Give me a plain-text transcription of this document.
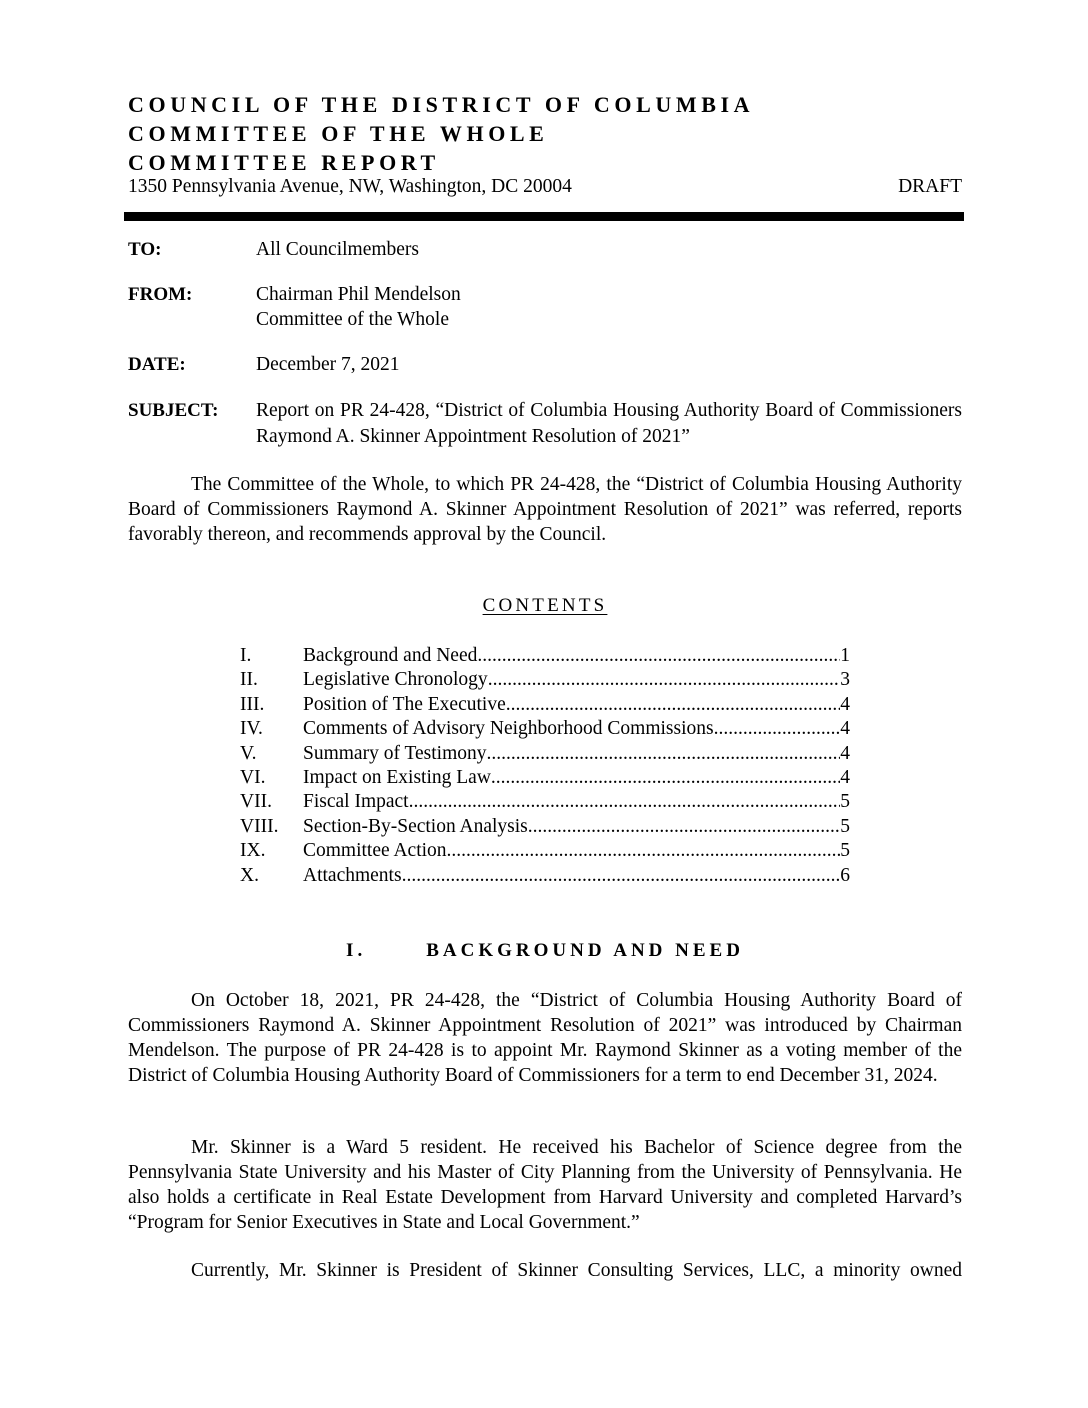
COUNCIL OF THE DISTRICT OF COLUMBIA
COMMITTEE OF THE WHOLE
COMMITTEE REPORT
1350 Pennsylvania Avenue, NW, Washington, DC 20004	DRAFT
TO:	All Councilmembers
FROM:	Chairman Phil Mendelson
Committee of the Whole
DATE:	December 7, 2021
SUBJECT: Report on PR 24-428, “District of Columbia Housing Authority Board of Commissioners Raymond A. Skinner Appointment Resolution of 2021”
The Committee of the Whole, to which PR 24-428, the “District of Columbia Housing Authority Board of Commissioners Raymond A. Skinner Appointment Resolution of 2021” was referred, reports favorably thereon, and recommends approval by the Council.
CONTENTS
I.	Background and Need .....	1
II.	Legislative Chronology .....	3
III.	Position of The Executive .....	4
IV.	Comments of Advisory Neighborhood Commissions .....	4
V.	Summary of Testimony .....	4
VI.	Impact on Existing Law .....	4
VII.	Fiscal Impact .....	5
VIII.	Section-By-Section Analysis .....	5
IX.	Committee Action .....	5
X.	Attachments .....	6
I.	BACKGROUND AND NEED
On October 18, 2021, PR 24-428, the “District of Columbia Housing Authority Board of Commissioners Raymond A. Skinner Appointment Resolution of 2021” was introduced by Chairman Mendelson. The purpose of PR 24-428 is to appoint Mr. Raymond Skinner as a voting member of the District of Columbia Housing Authority Board of Commissioners for a term to end December 31, 2024.
Mr. Skinner is a Ward 5 resident. He received his Bachelor of Science degree from the Pennsylvania State University and his Master of City Planning from the University of Pennsylvania. He also holds a certificate in Real Estate Development from Harvard University and completed Harvard’s “Program for Senior Executives in State and Local Government.”
Currently, Mr. Skinner is President of Skinner Consulting Services, LLC, a minority owned
